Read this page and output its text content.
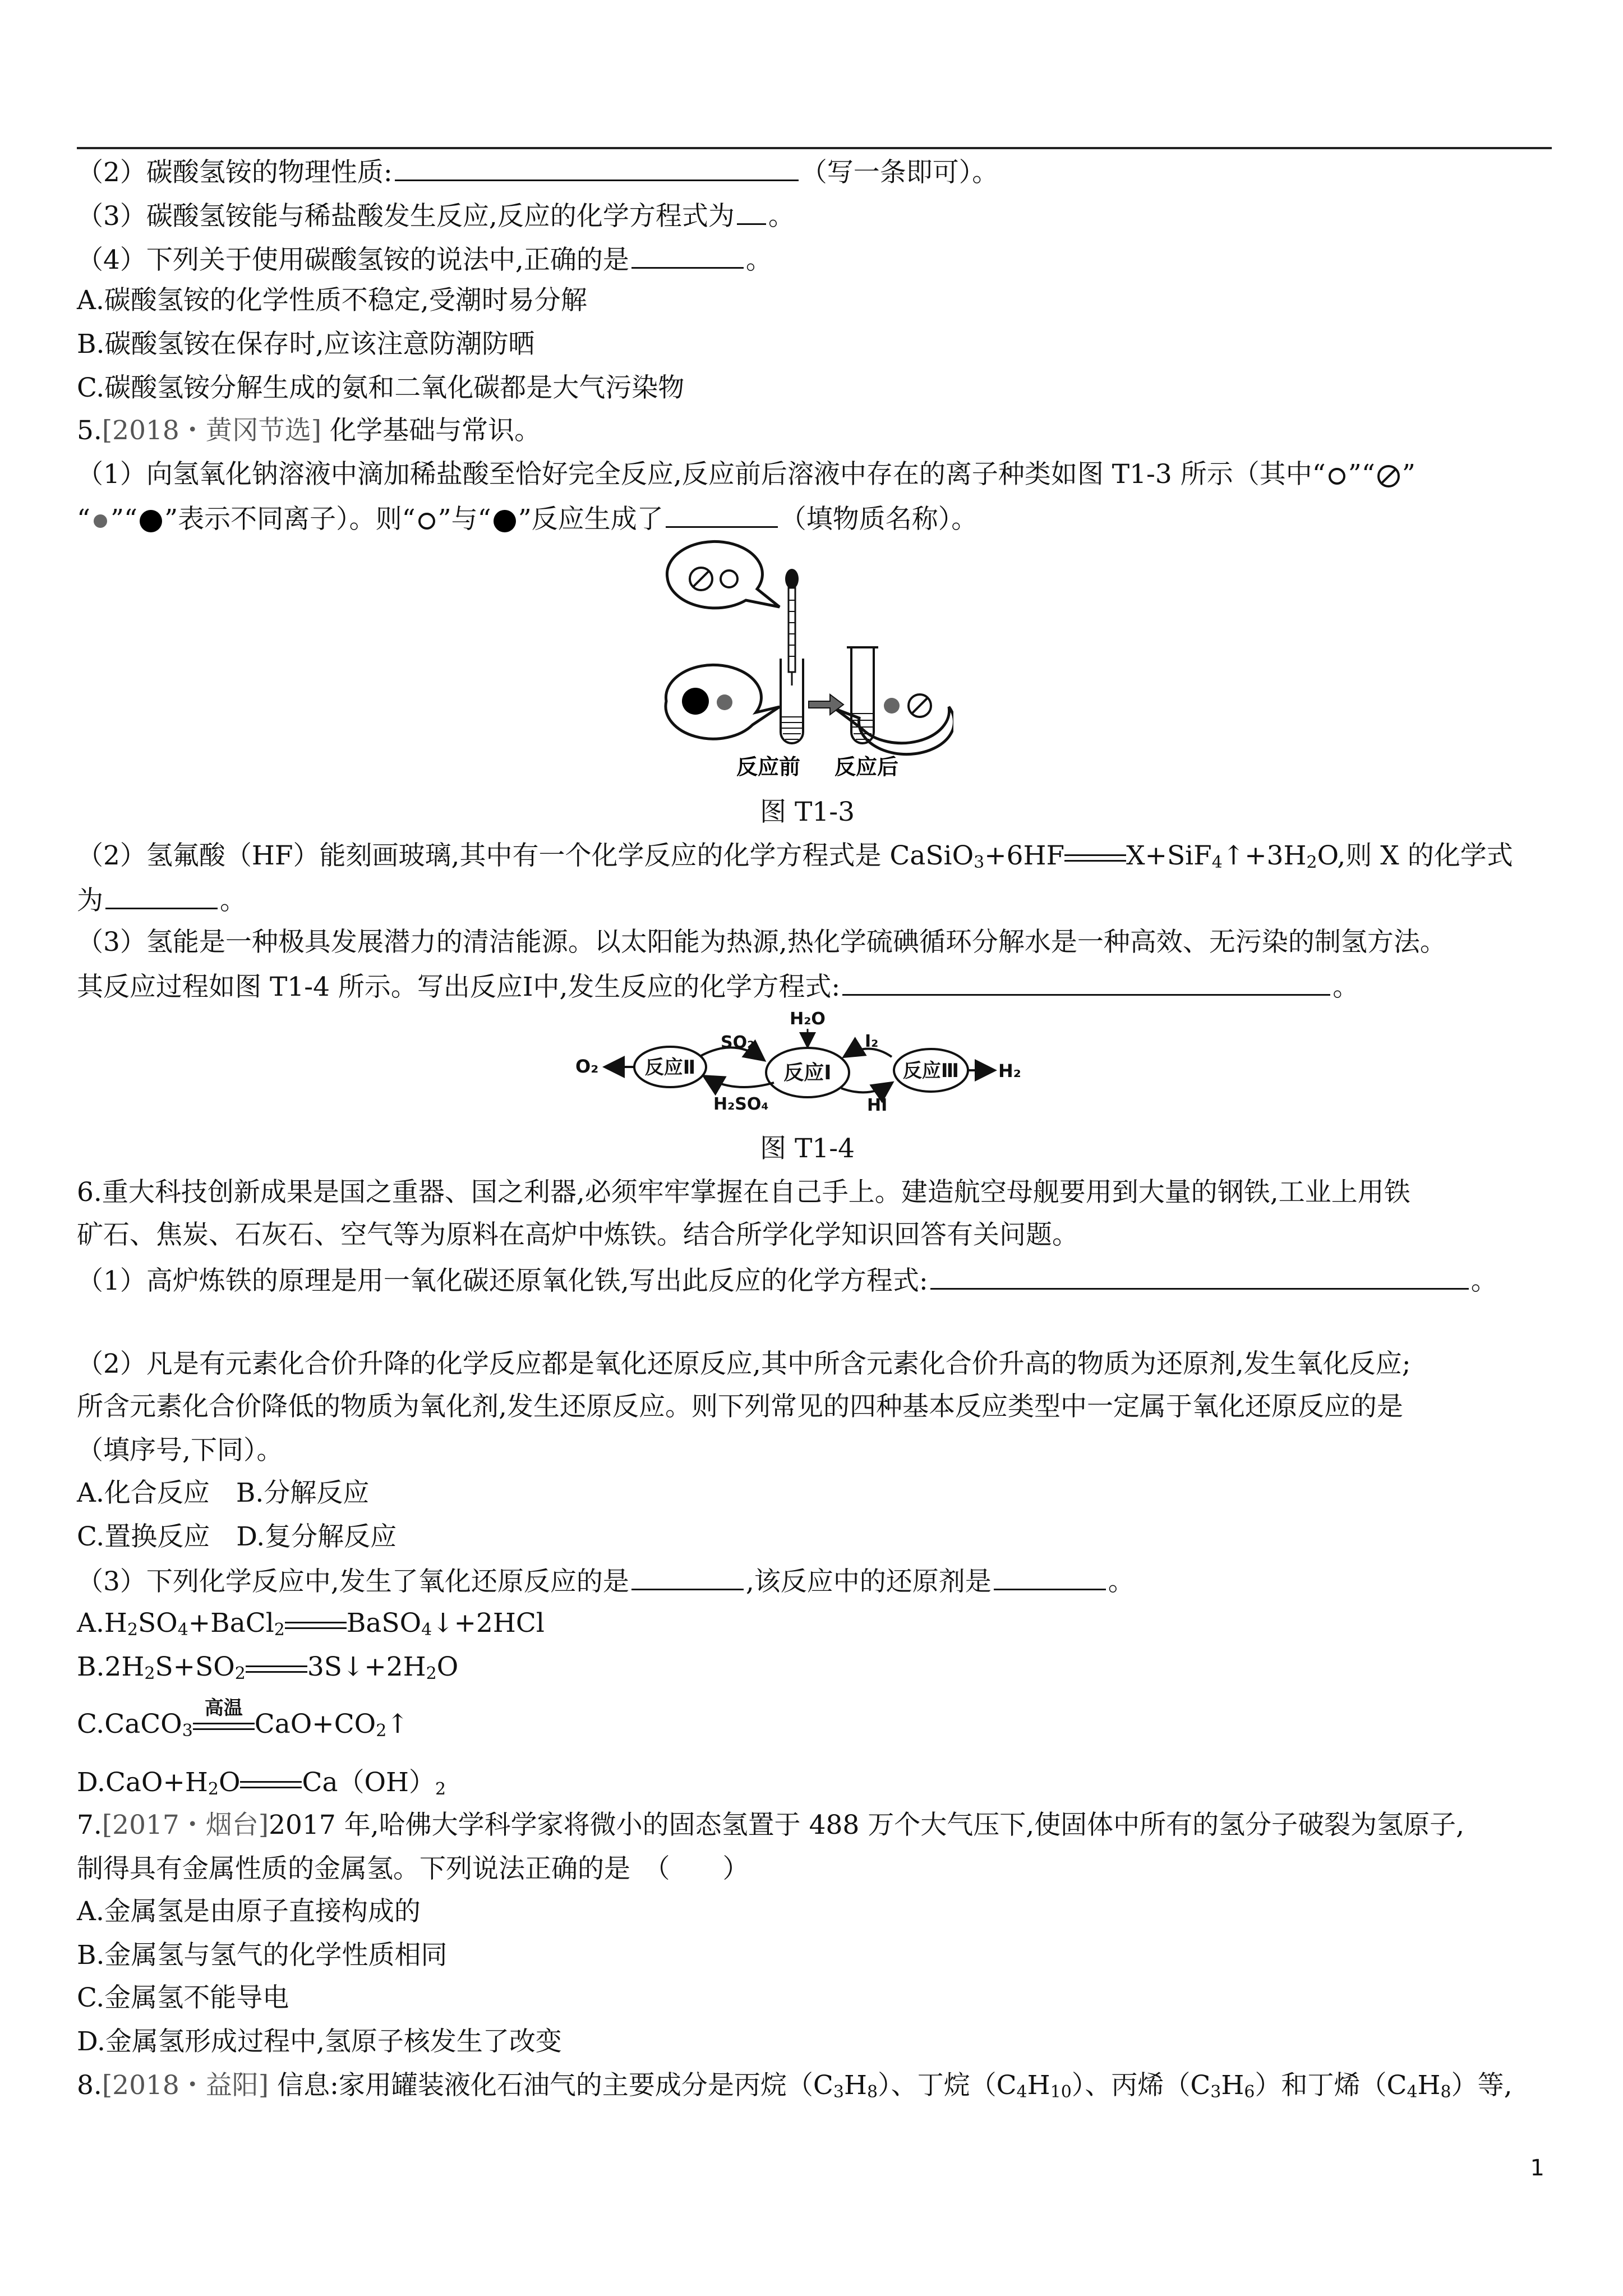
（2）碳酸氢铵的物理性质:	（写一条即可）。
（3）碳酸氢铵能与稀盐酸发生反应,反应的化学方程式为 。
（4）下列关于使用碳酸氢铵的说法中,正确的是	。
A.碳酸氢铵的化学性质不稳定,受潮时易分解
B.碳酸氢铵在保存时,应该注意防潮防晒
C.碳酸氢铵分解生成的氨和二氧化碳都是大气污染物
5.[2018・黄冈节选] 化学基础与常识。
（1）向氢氧化钠溶液中滴加稀盐酸至恰好完全反应,反应前后溶液中存在的离子种类如图 T1-3 所示（其中“ ”“ ”
“ ”“ ”表示不同离子）。则“ ”与“ ”反应生成了	（填物质名称）。
反应前 反应后
图 T1-3
（2）氢氟酸（HF）能刻画玻璃,其中有一个化学反应的化学方程式是 CaSiO$_3$+6HF $X+SiF_4↑+3H_2O$,则 X 的化学式
为	。
（3）氢能是一种极具发展潜力的清洁能源。以太阳能为热源,热化学硫碘循环分解水是一种高效、无污染的制氢方法。
其反应过程如图 T1-4 所示。写出反应Ⅰ中,发生反应的化学方程式:	。
O₂ 反应Ⅱ
SO₂
H₂SO₄
H₂O
反应Ⅰ
I₂
HI
反应Ⅲ H₂
图 T1-4
6.重大科技创新成果是国之重器、国之利器,必须牢牢掌握在自己手上。建造航空母舰要用到大量的钢铁,工业上用铁
矿石、焦炭、石灰石、空气等为原料在高炉中炼铁。结合所学化学知识回答有关问题。
（1）高炉炼铁的原理是用一氧化碳还原氧化铁,写出此反应的化学方程式:	。
（2）凡是有元素化合价升降的化学反应都是氧化还原反应,其中所含元素化合价升高的物质为还原剂,发生氧化反应;
所含元素化合价降低的物质为氧化剂,发生还原反应。则下列常见的四种基本反应类型中一定属于氧化还原反应的是
（填序号,下同）。
A.化合反应　B.分解反应
C.置换反应　D.复分解反应
（3）下列化学反应中,发生了氧化还原反应的是	,该反应中的还原剂是	。
$A.H_2SO_4+BaCl_2$ BaSO$_4$↓+2HCl
$B.2H_2S+SO_2$ $3S↓+2H_2O$
C.CaCO$_3$
高温
$CaO+CO_2↑$
$D.CaO+H_2O$ $Ca(OH)_2$
7.[2017・烟台]2017 年,哈佛大学科学家将微小的固态氢置于 488 万个大气压下,使固体中所有的氢分子破裂为氢原子,
制得具有金属性质的金属氢。下列说法正确的是　（　　）
A.金属氢是由原子直接构成的
B.金属氢与氢气的化学性质相同
C.金属氢不能导电
D.金属氢形成过程中,氢原子核发生了改变
8.[2018・益阳] 信息:家用罐装液化石油气的主要成分是丙烷$(C_3H_8)$、丁烷$(C_4H_{10})$、丙烯$(C_3H_6)$和丁烯$(C_4H_8)$等,
1
